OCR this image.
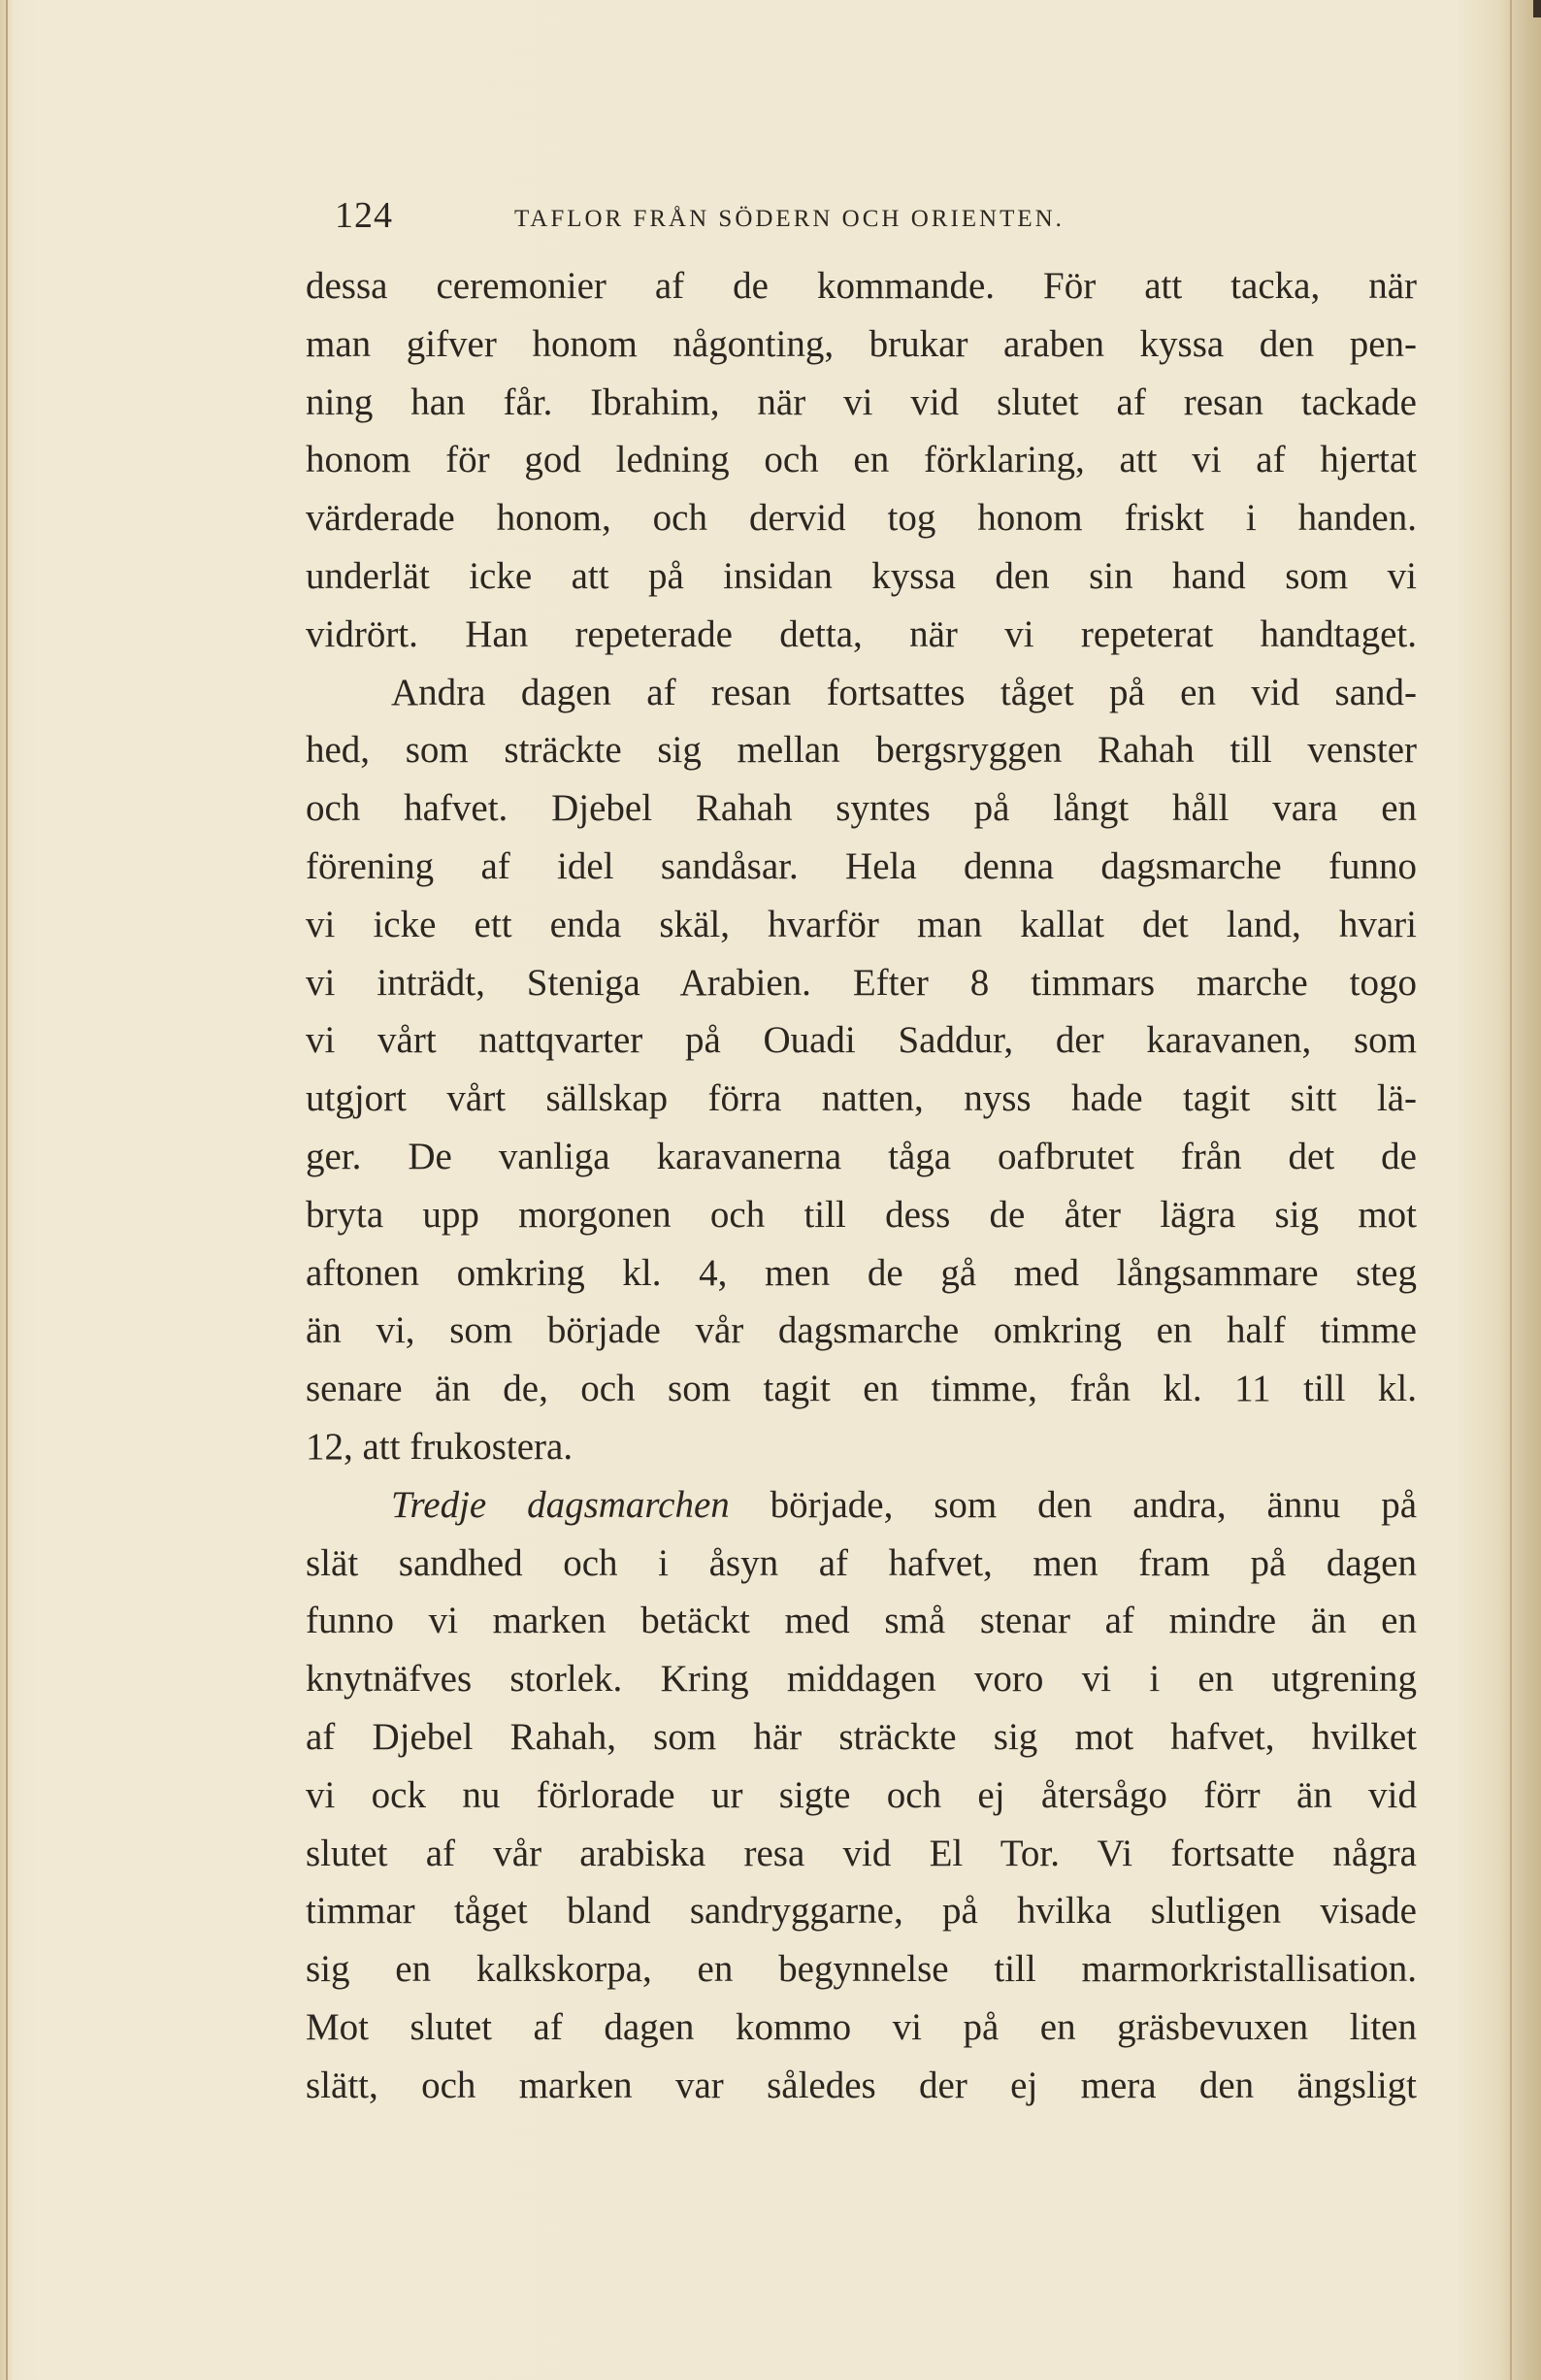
124	TAFLOR FRÅN SÖDERN OCH ORIENTEN.
dessa ceremonier af de kommande. För att tacka, när
man gifver honom någonting, brukar araben kyssa den pen-
ning han får. Ibrahim, när vi vid slutet af resan tackade
honom för god ledning och en förklaring, att vi af hjertat
värderade honom, och dervid tog honom friskt i handen.
underlät icke att på insidan kyssa den sin hand som vi
vidrört. Han repeterade detta, när vi repeterat handtaget.
Andra dagen af resan fortsattes tåget på en vid sand-
hed, som sträckte sig mellan bergsryggen Rahah till venster
och hafvet. Djebel Rahah syntes på långt håll vara en
förening af idel sandåsar. Hela denna dagsmarche funno
vi icke ett enda skäl, hvarför man kallat det land, hvari
vi inträdt, Steniga Arabien. Efter 8 timmars marche togo
vi vårt nattqvarter på Ouadi Saddur, der karavanen, som
utgjort vårt sällskap förra natten, nyss hade tagit sitt lä-
ger. De vanliga karavanerna tåga oafbrutet från det de
bryta upp morgonen och till dess de åter lägra sig mot
aftonen omkring kl. 4, men de gå med långsammare steg
än vi, som började vår dagsmarche omkring en half timme
senare än de, och som tagit en timme, från kl. 11 till kl.
12, att frukostera.
Tredje dagsmarchen började, som den andra, ännu på
slät sandhed och i åsyn af hafvet, men fram på dagen
funno vi marken betäckt med små stenar af mindre än en
knytnäfves storlek. Kring middagen voro vi i en utgrening
af Djebel Rahah, som här sträckte sig mot hafvet, hvilket
vi ock nu förlorade ur sigte och ej återsågo förr än vid
slutet af vår arabiska resa vid El Tor. Vi fortsatte några
timmar tåget bland sandryggarne, på hvilka slutligen visade
sig en kalkskorpa, en begynnelse till marmorkristallisation.
Mot slutet af dagen kommo vi på en gräsbevuxen liten
slätt, och marken var således der ej mera den ängsligt
